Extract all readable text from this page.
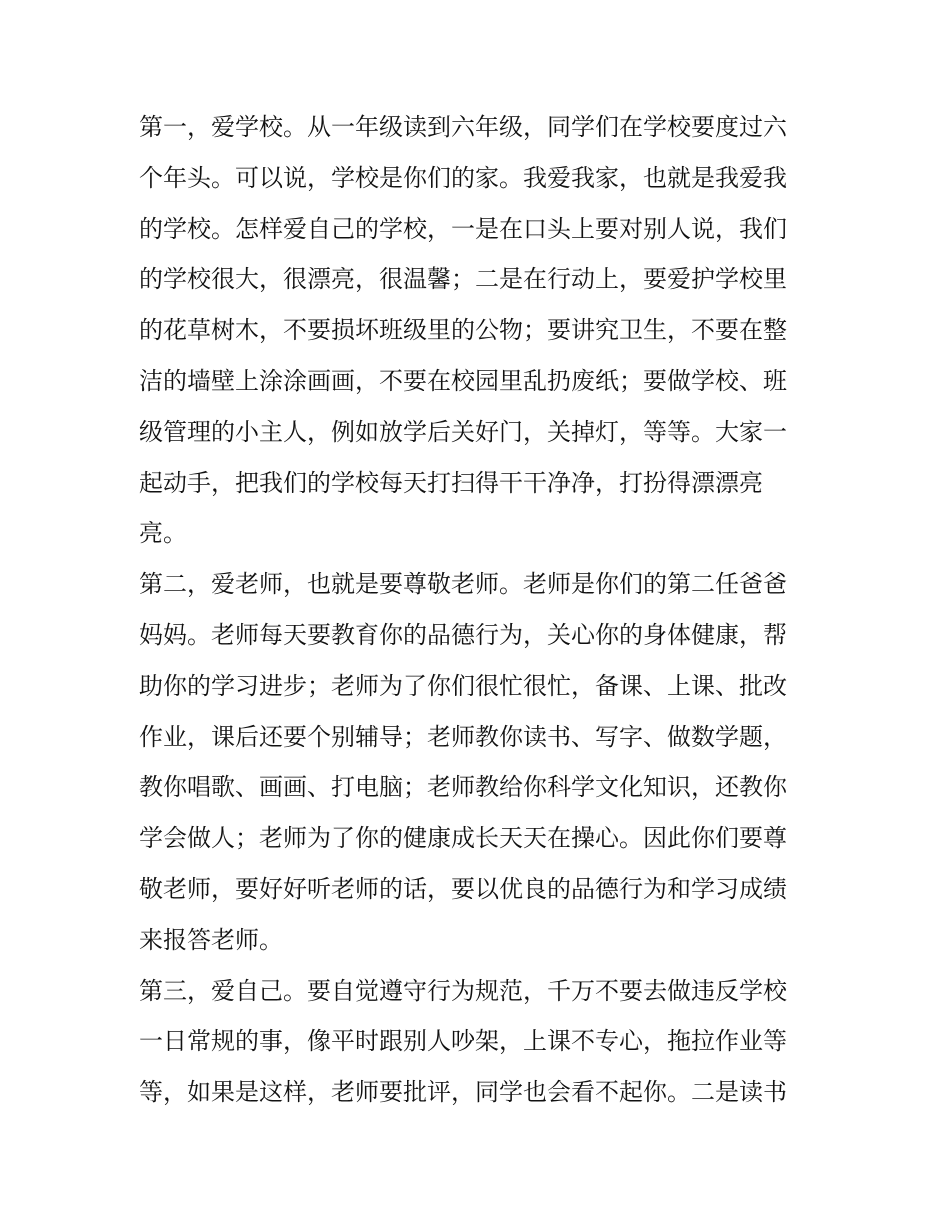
第一，爱学校。从一年级读到六年级，同学们在学校要度过六
个年头。可以说，学校是你们的家。我爱我家，也就是我爱我
的学校。怎样爱自己的学校，一是在口头上要对别人说，我们
的学校很大，很漂亮，很温馨；二是在行动上，要爱护学校里
的花草树木，不要损坏班级里的公物；要讲究卫生，不要在整
洁的墙壁上涂涂画画，不要在校园里乱扔废纸；要做学校、班
级管理的小主人，例如放学后关好门，关掉灯，等等。大家一
起动手，把我们的学校每天打扫得干干净净，打扮得漂漂亮
亮。
第二，爱老师，也就是要尊敬老师。老师是你们的第二任爸爸
妈妈。老师每天要教育你的品德行为，关心你的身体健康，帮
助你的学习进步；老师为了你们很忙很忙，备课、上课、批改
作业，课后还要个别辅导；老师教你读书、写字、做数学题，
教你唱歌、画画、打电脑；老师教给你科学文化知识，还教你
学会做人；老师为了你的健康成长天天在操心。因此你们要尊
敬老师，要好好听老师的话，要以优良的品德行为和学习成绩
来报答老师。
第三，爱自己。要自觉遵守行为规范，千万不要去做违反学校
一日常规的事，像平时跟别人吵架，上课不专心，拖拉作业等
等，如果是这样，老师要批评，同学也会看不起你。二是读书
